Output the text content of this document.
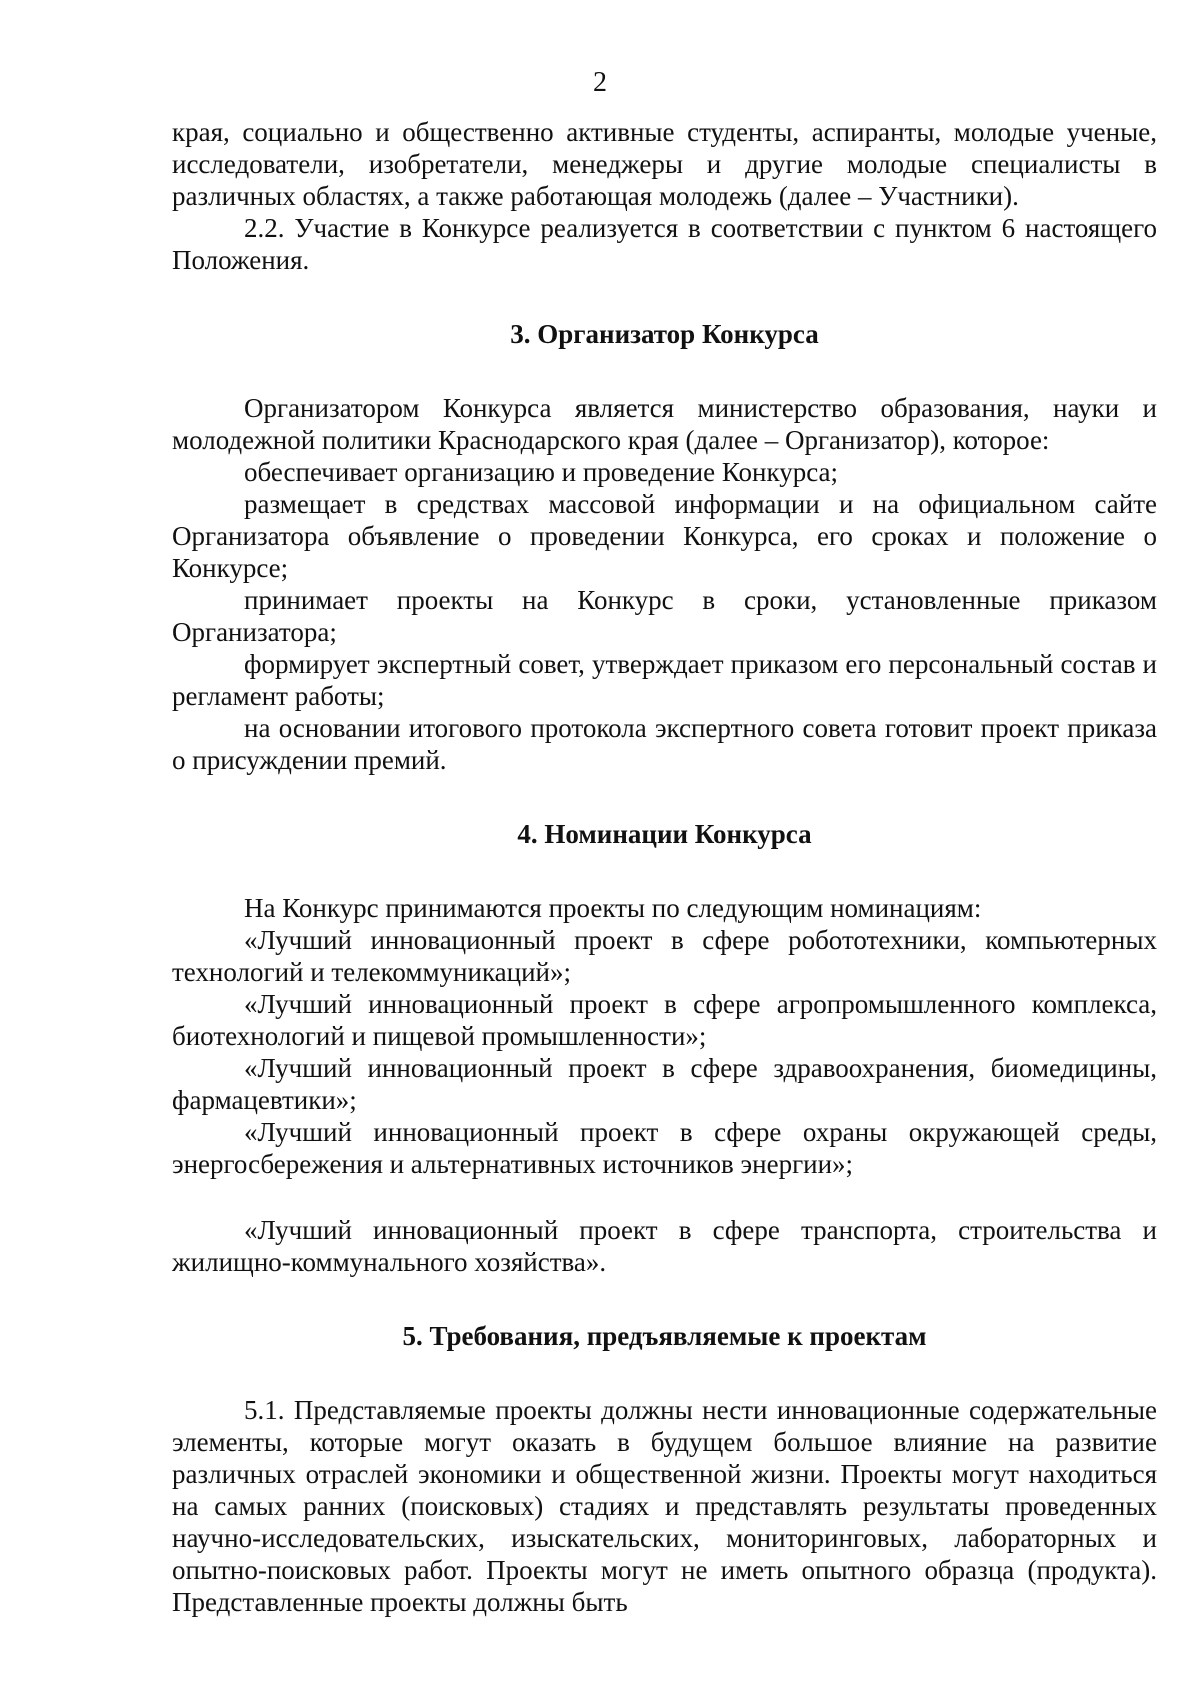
2

края, социально и общественно активные студенты, аспиранты, молодые ученые, исследователи, изобретатели, менеджеры и другие молодые специалисты в различных областях, а также работающая молодежь (далее – Участники).

2.2. Участие в Конкурсе реализуется в соответствии с пунктом 6 настоящего Положения.

3. Организатор Конкурса

Организатором Конкурса является министерство образования, науки и молодежной политики Краснодарского края (далее – Организатор), которое:

обеспечивает организацию и проведение Конкурса;

размещает в средствах массовой информации и на официальном сайте Организатора объявление о проведении Конкурса, его сроках и положение о Конкурсе;

принимает проекты на Конкурс в сроки, установленные приказом Организатора;

формирует экспертный совет, утверждает приказом его персональный состав и регламент работы;

на основании итогового протокола экспертного совета готовит проект приказа о присуждении премий.

4. Номинации Конкурса

На Конкурс принимаются проекты по следующим номинациям:

«Лучший инновационный проект в сфере робототехники, компьютерных технологий и телекоммуникаций»;

«Лучший инновационный проект в сфере агропромышленного комплекса, биотехнологий и пищевой промышленности»;

«Лучший инновационный проект в сфере здравоохранения, биомедицины, фармацевтики»;

«Лучший инновационный проект в сфере охраны окружающей среды, энергосбережения и альтернативных источников энергии»;

«Лучший инновационный проект в сфере транспорта, строительства и жилищно-коммунального хозяйства».

5. Требования, предъявляемые к проектам

5.1. Представляемые проекты должны нести инновационные содержательные элементы, которые могут оказать в будущем большое влияние на развитие различных отраслей экономики и общественной жизни. Проекты могут находиться на самых ранних (поисковых) стадиях и представлять результаты проведенных научно-исследовательских, изыскательских, мониторинговых, лабораторных и опытно-поисковых работ. Проекты могут не иметь опытного образца (продукта). Представленные проекты должны быть
